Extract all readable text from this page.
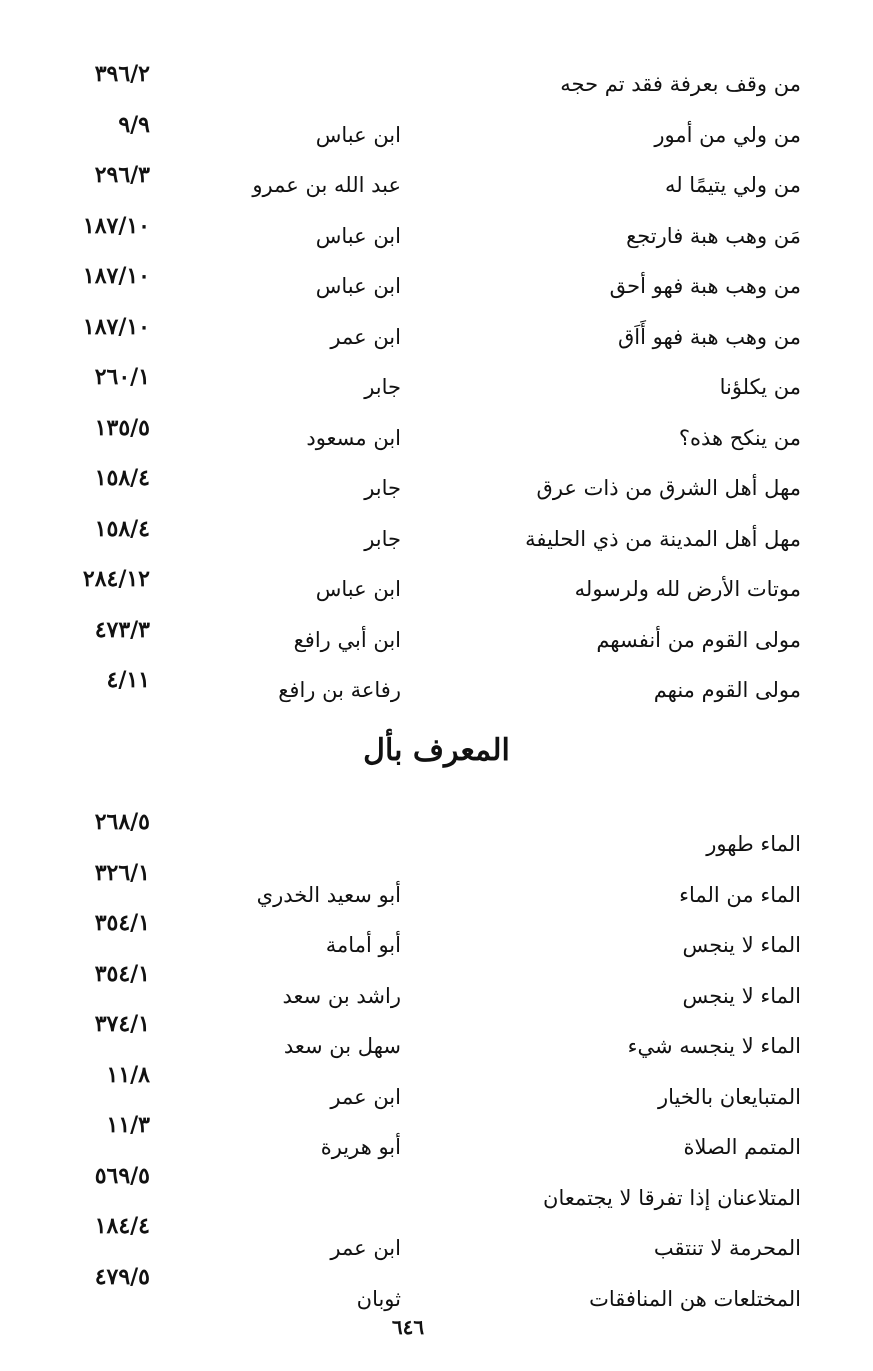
من وقف بعرفة فقد تم حجه
٣٩٦/٢
من ولي من أمور
ابن عباس
٩/٩
من ولي يتيمًا له
عبد الله بن عمرو
٢٩٦/٣
مَن وهب هبة فارتجع
ابن عباس
١٨٧/١٠
من وهب هبة فهو أحق
ابن عباس
١٨٧/١٠
من وهب هبة فهو أَاَق
ابن عمر
١٨٧/١٠
من يكلؤنا
جابر
٢٦٠/١
من ينكح هذه؟
ابن مسعود
١٣٥/٥
مهل أهل الشرق من ذات عرق
جابر
١٥٨/٤
مهل أهل المدينة من ذي الحليفة
جابر
١٥٨/٤
موتات الأرض لله ولرسوله
ابن عباس
٢٨٤/١٢
مولى القوم من أنفسهم
ابن أبي رافع
٤٧٣/٣
مولى القوم منهم
رفاعة بن رافع
٤/١١
المعرف بأل
الماء طهور
٢٦٨/٥
الماء من الماء
أبو سعيد الخدري
٣٢٦/١
الماء لا ينجس
أبو أمامة
٣٥٤/١
الماء لا ينجس
راشد بن سعد
٣٥٤/١
الماء لا ينجسه شيء
سهل بن سعد
٣٧٤/١
المتبايعان بالخيار
ابن عمر
١١/٨
المتمم الصلاة
أبو هريرة
١١/٣
المتلاعنان إذا تفرقا لا يجتمعان
٥٦٩/٥
المحرمة لا تنتقب
ابن عمر
١٨٤/٤
المختلعات هن المنافقات
ثوبان
٤٧٩/٥
٦٤٦
